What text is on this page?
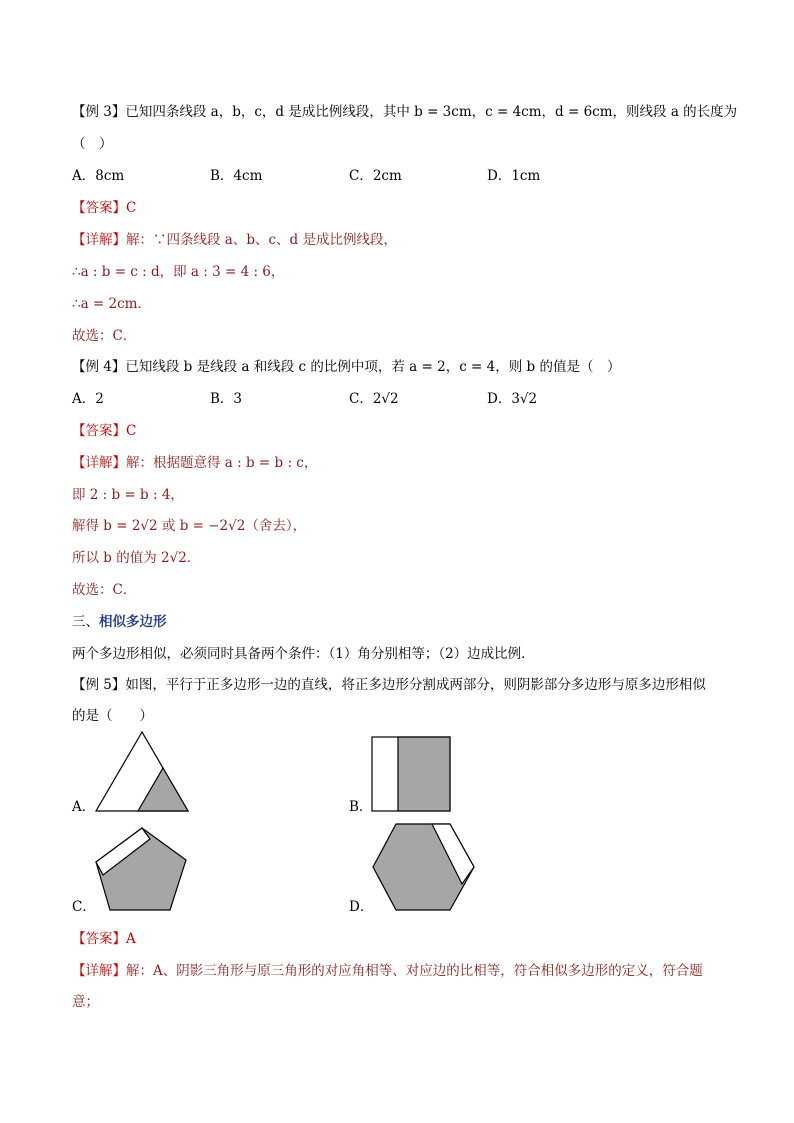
【例 3】已知四条线段 a，b，c，d 是成比例线段，其中 b = 3cm，c = 4cm，d = 6cm，则线段 a 的长度为
（　）
A．8cm	B．4cm	C．2cm	D．1cm
【答案】C
【详解】解：∵四条线段 a、b、c、d 是成比例线段，
∴a : b = c : d，即 a : 3 = 4 : 6，
∴a = 2cm．
故选：C．
【例 4】已知线段 b 是线段 a 和线段 c 的比例中项，若 a = 2，c = 4，则 b 的值是（　）
A．2	B．3	C．2√2	D．3√2
【答案】C
【详解】解：根据题意得 a : b = b : c，
即 2 : b = b : 4，
解得 b = 2√2 或 b = −2√2（舍去），
所以 b 的值为 2√2．
故选：C．
三、相似多边形
两个多边形相似，必须同时具备两个条件：（1）角分别相等；（2）边成比例．
【例 5】如图，平行于正多边形一边的直线，将正多边形分割成两部分，则阴影部分多边形与原多边形相似
的是（　　）
A．	B．
C．	D．
【答案】A
【详解】解：A、阴影三角形与原三角形的对应角相等、对应边的比相等，符合相似多边形的定义，符合题
意；
